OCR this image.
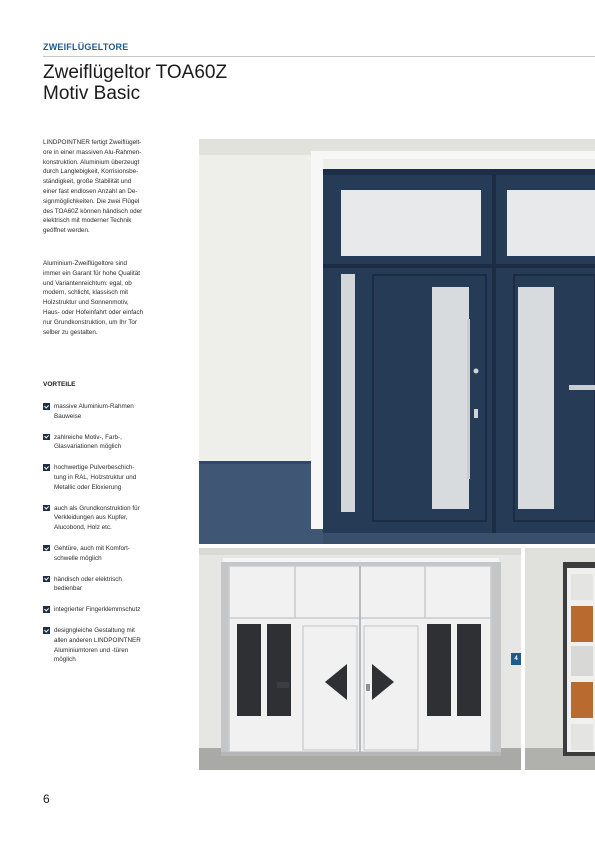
ZWEIFLÜGELTORE
Zweiflügeltor TOA60Z
Motiv Basic
LINDPOINTNER fertigt Zweiflügelt-
ore in einer massiven Alu-Rahmen-
konstruktion. Aluminium überzeugt
durch Langlebigkeit, Korrisionsbe-
ständigkeit, große Stabilität und
einer fast endlosen Anzahl an De-
signmöglichkeiten. Die zwei Flügel
des TOA60Z können händisch oder
elektrisch mit moderner Technik
geöffnet werden.
Aluminium-Zweiflügeltore sind
immer ein Garant für hohe Qualität
und Variantenreichtum: egal, ob
modern, schlicht, klassisch mit
Holzstruktur und Sonnenmotiv,
Haus- oder Hofeinfahrt oder einfach
nur Grundkonstruktion, um Ihr Tor
selber zu gestalten.
VORTEILE
massive Aluminium-Rahmen
Bauweise
zahlreiche Motiv-, Farb-,
Glasvariationen möglich
hochwertige Pulverbeschich-
tung in RAL, Holzstruktur und
Metallic oder Eloxierung
auch als Grundkonstruktion für
Verkleidungen aus Kupfer,
Alucobond, Holz etc.
Gehtüre, auch mit Komfort-
schwelle möglich
händisch oder elektrisch
bedienbar
integrierter Fingerklemmschutz
designgleiche Gestaltung mit
allen anderen LINDPOINTNER
Aluminiumtoren und -türen
möglich	4
6
